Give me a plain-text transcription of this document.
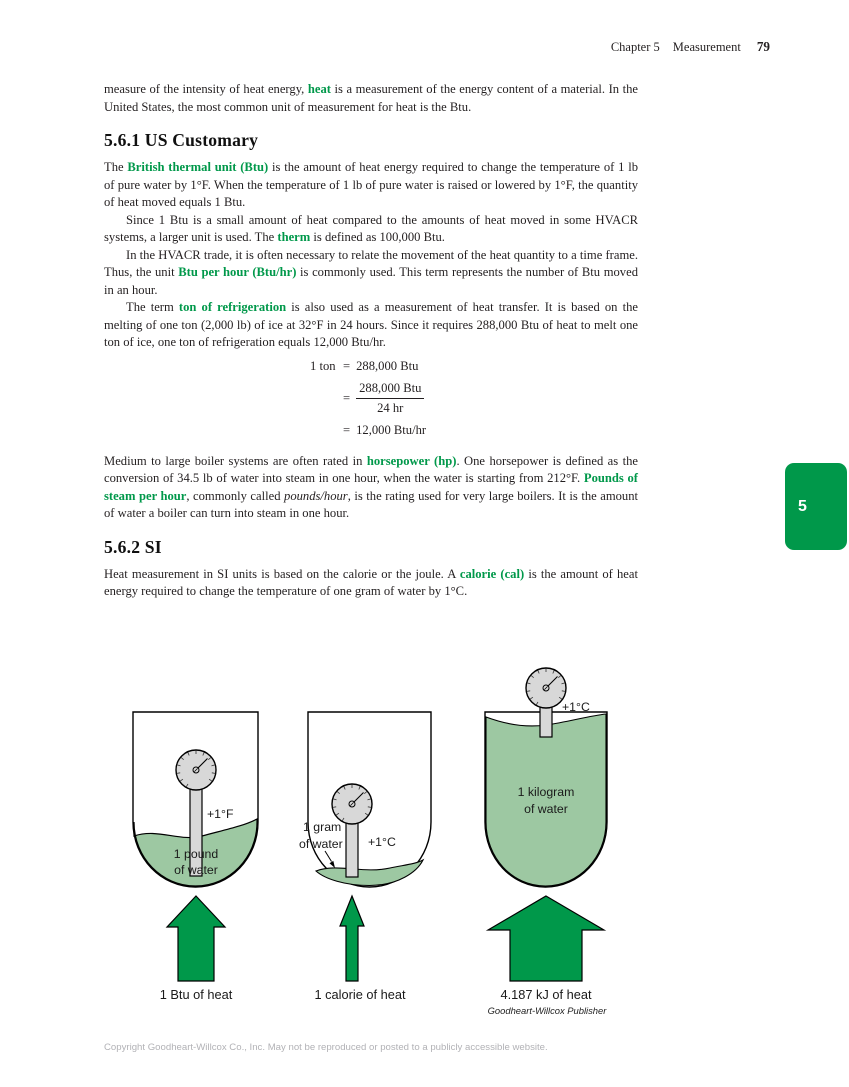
Chapter 5 Measurement 79

measure of the intensity of heat energy, heat is a measurement of the energy content of a material. In the United States, the most common unit of measurement for heat is the Btu.

5.6.1 US Customary

The British thermal unit (Btu) is the amount of heat energy required to change the temperature of 1 lb of pure water by 1°F. When the temperature of 1 lb of pure water is raised or lowered by 1°F, the quantity of heat moved equals 1 Btu.

Since 1 Btu is a small amount of heat compared to the amounts of heat moved in some HVACR systems, a larger unit is used. The therm is defined as 100,000 Btu.

In the HVACR trade, it is often necessary to relate the movement of the heat quantity to a time frame. Thus, the unit Btu per hour (Btu/hr) is commonly used. This term represents the number of Btu moved in an hour.

The term ton of refrigeration is also used as a measurement of heat transfer. It is based on the melting of one ton (2,000 lb) of ice at 32°F in 24 hours. Since it requires 288,000 Btu of heat to melt one ton of ice, one ton of refrigeration equals 12,000 Btu/hr.

1 ton = 288,000 Btu
= $\frac{\text{288,000 Btu}}{24 hr}$
= 12,000 Btu/hr

Medium to large boiler systems are often rated in horsepower (hp). One horsepower is defined as the conversion of 34.5 lb of water into steam in one hour, when the water is starting from 212°F. Pounds of steam per hour, commonly called pounds/hour, is the rating used for very large boilers. It is the amount of water a boiler can turn into steam in one hour.

5.6.2 SI

Heat measurement in SI units is based on the calorie or the joule. A calorie (cal) is the amount of heat energy required to change the temperature of one gram of water by 1°C.

5
+1°F
1 pound
of water
1 Btu of heat
1 gram
of water +1°C
1 calorie of heat
+1°C
1 kilogram
of water
4.187 kJ of heat
Goodheart-Willcox Publisher
Copyright Goodheart-Willcox Co., Inc. May not be reproduced or posted to a publicly accessible website.
